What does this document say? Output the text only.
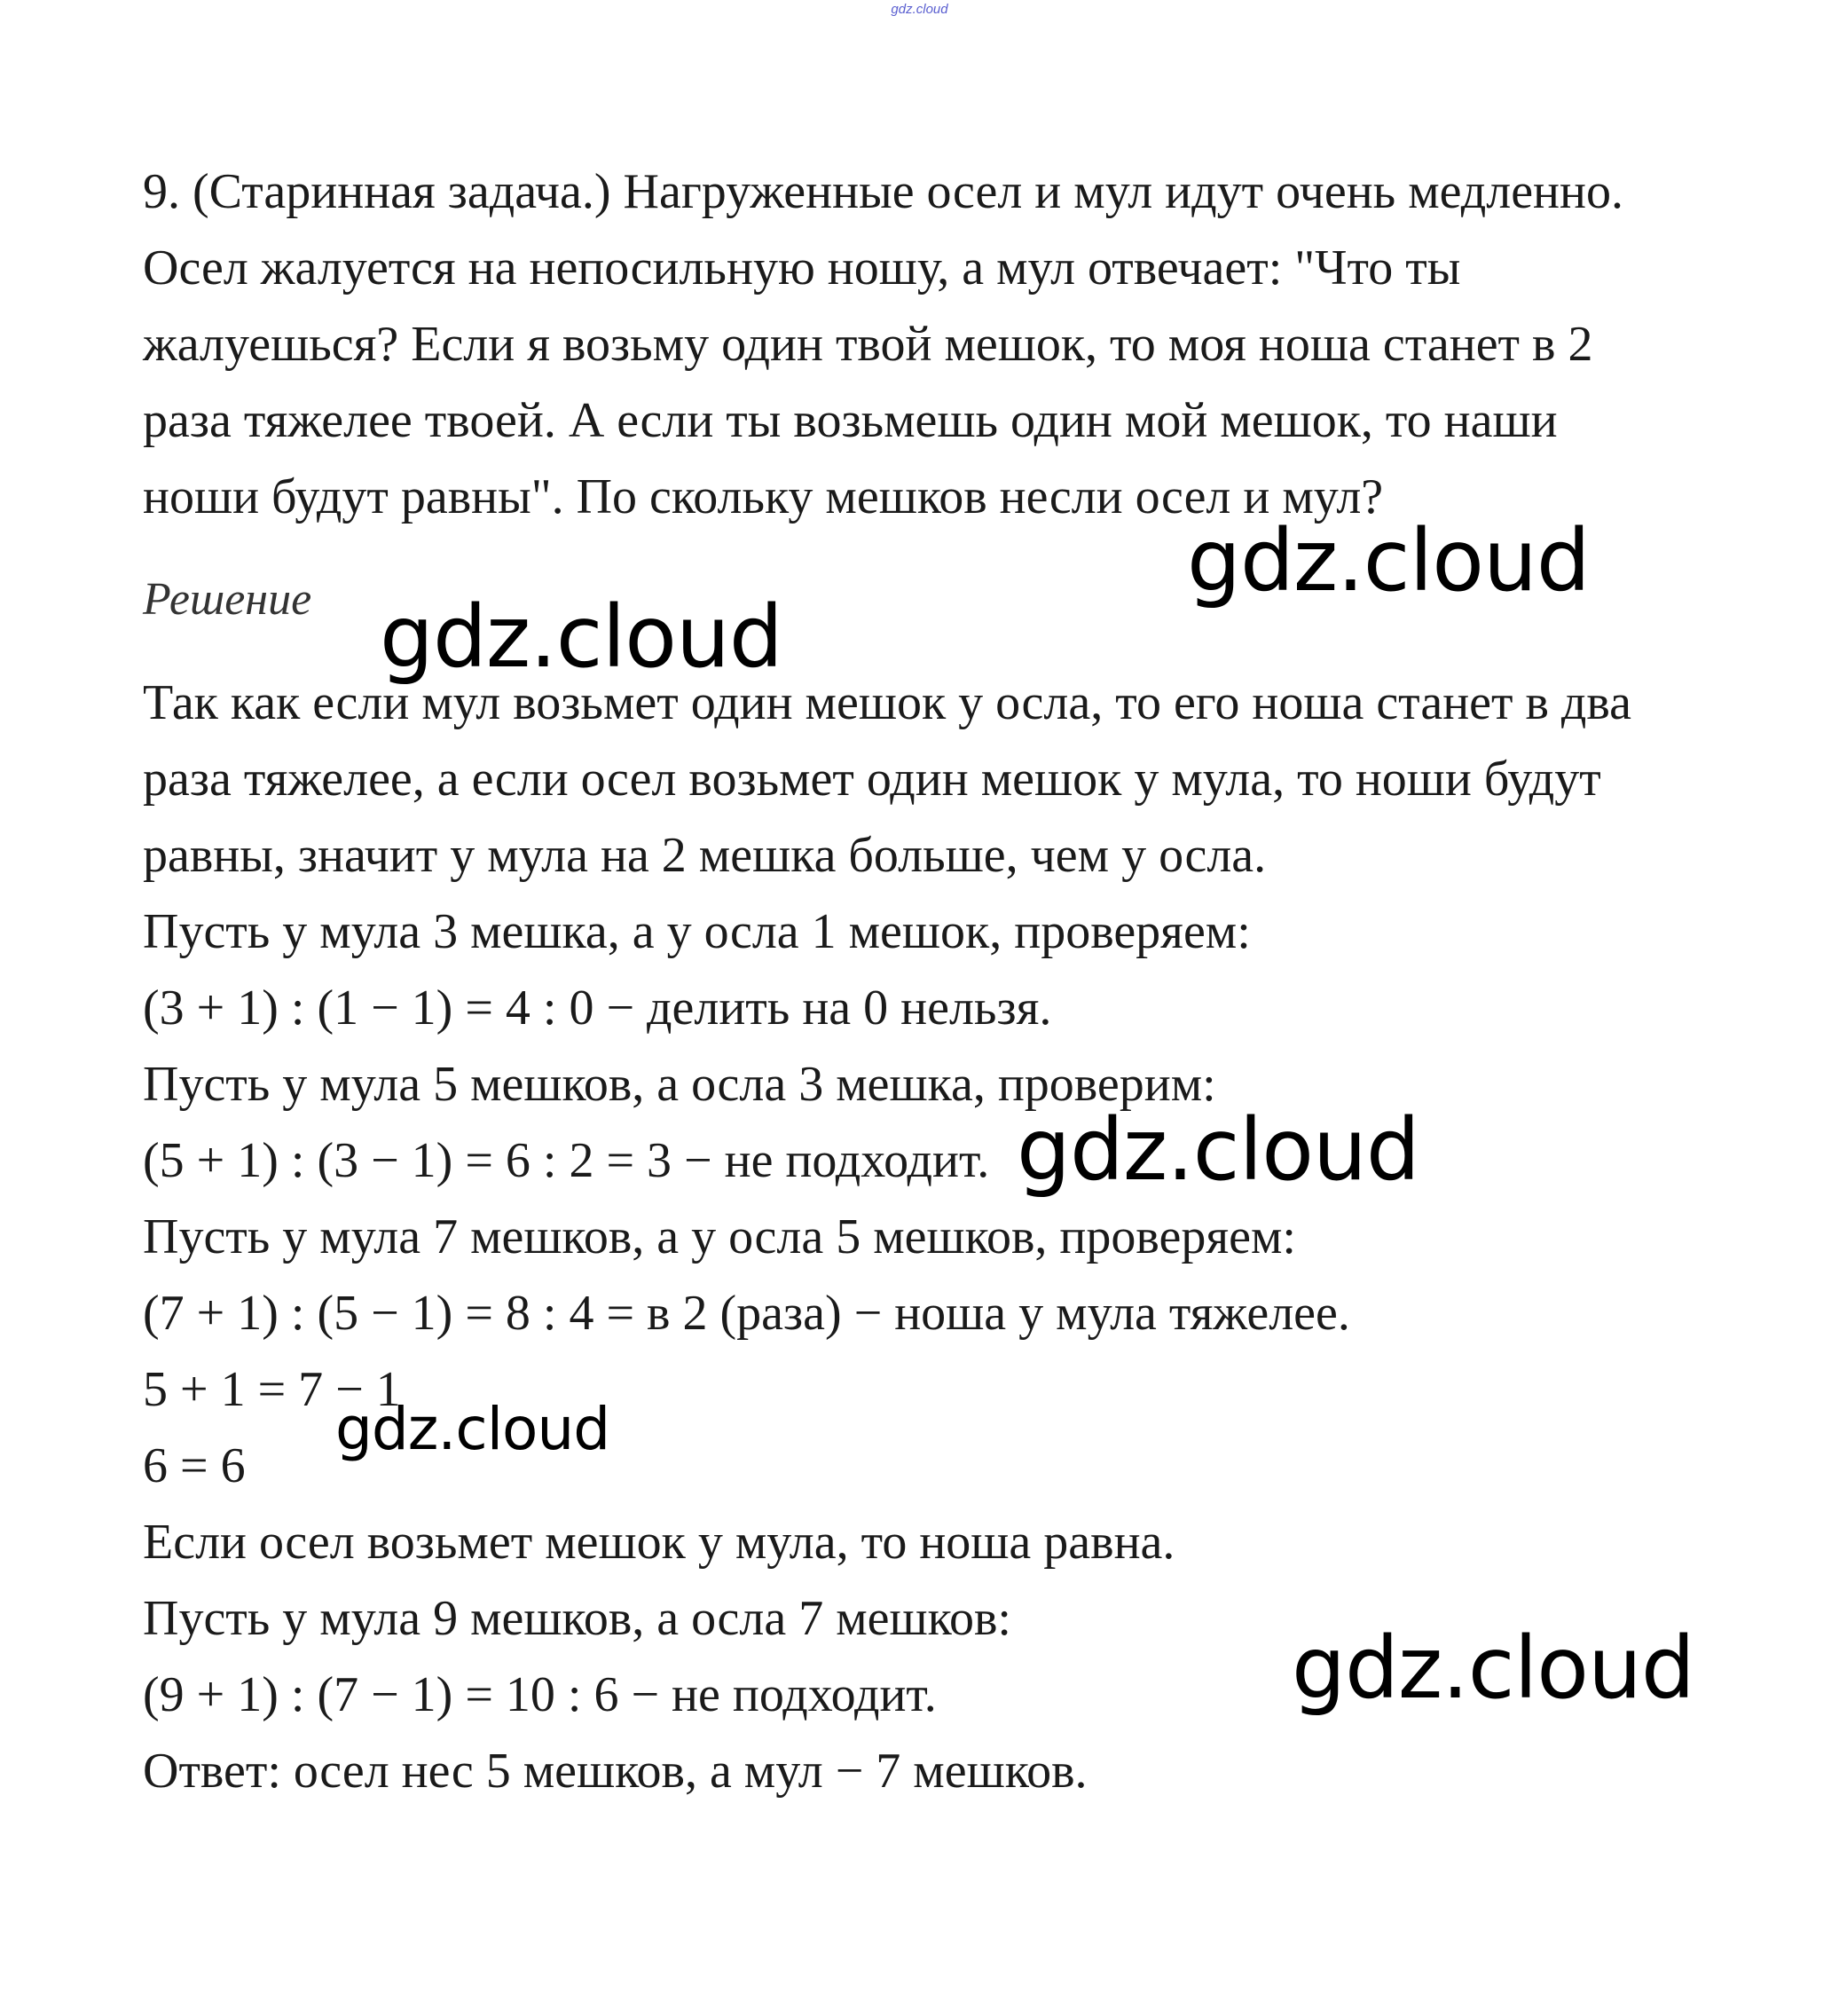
gdz.cloud
9. (Старинная задача.) Нагруженные осел и мул идут очень медленно.
Осел жалуется на непосильную ношу, а мул отвечает: "Что ты
жалуешься? Если я возьму один твой мешок, то моя ноша станет в 2
раза тяжелее твоей. А если ты возьмешь один мой мешок, то наши
ноши будут равны". По скольку мешков несли осел и мул?
Решение
Так как если мул возьмет один мешок у осла, то его ноша станет в два
раза тяжелее, а если осел возьмет один мешок у мула, то ноши будут
равны, значит у мула на 2 мешка больше, чем у осла.
Пусть у мула 3 мешка, а у осла 1 мешок, проверяем:
(3 + 1) : (1 − 1) = 4 : 0 − делить на 0 нельзя.
Пусть у мула 5 мешков, а осла 3 мешка, проверим:
(5 + 1) : (3 − 1) = 6 : 2 = 3 − не подходит.
Пусть у мула 7 мешков, а у осла 5 мешков, проверяем:
(7 + 1) : (5 − 1) = 8 : 4 = в 2 (раза) − ноша у мула тяжелее.
5 + 1 = 7 − 1
6 = 6
Если осел возьмет мешок у мула, то ноша равна.
Пусть у мула 9 мешков, а осла 7 мешков:
(9 + 1) : (7 − 1) = 10 : 6 − не подходит.
Ответ: осел нес 5 мешков, а мул − 7 мешков.
gdz.cloud
gdz.cloud
gdz.cloud
gdz.cloud
gdz.cloud
